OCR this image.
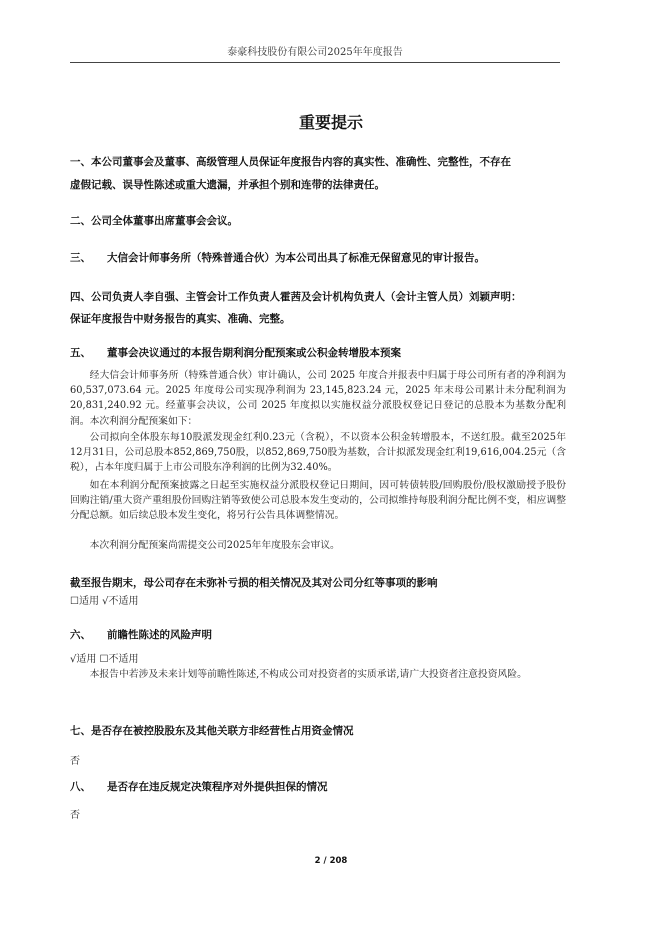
泰豪科技股份有限公司2025年年度报告
重要提示
一、本公司董事会及董事、高级管理人员保证年度报告内容的真实性、准确性、完整性，不存在
虚假记载、误导性陈述或重大遗漏，并承担个别和连带的法律责任。
二、公司全体董事出席董事会会议。
三、 大信会计师事务所（特殊普通合伙）为本公司出具了标准无保留意见的审计报告。
四、公司负责人李自强、主管会计工作负责人霍茜及会计机构负责人（会计主管人员）刘颖声明：
保证年度报告中财务报告的真实、准确、完整。
五、 董事会决议通过的本报告期利润分配预案或公积金转增股本预案
经大信会计师事务所（特殊普通合伙）审计确认，公司 2025 年度合并报表中归属于母公司所有者的净利润为 60,537,073.64 元。2025 年度母公司实现净利润为 23,145,823.24 元，2025 年末母公司累计未分配利润为 20,831,240.92 元。经董事会决议，公司 2025 年度拟以实施权益分派股权登记日登记的总股本为基数分配利润。本次利润分配预案如下：
公司拟向全体股东每10股派发现金红利0.23元（含税），不以资本公积金转增股本，不送红股。截至2025年12月31日，公司总股本852,869,750股，以852,869,750股为基数，合计拟派发现金红利19,616,004.25元（含税），占本年度归属于上市公司股东净利润的比例为32.40%。
如在本利润分配预案披露之日起至实施权益分派股权登记日期间，因可转债转股/回购股份/股权激励授予股份回购注销/重大资产重组股份回购注销等致使公司总股本发生变动的，公司拟维持每股利润分配比例不变，相应调整分配总额。如后续总股本发生变化，将另行公告具体调整情况。
本次利润分配预案尚需提交公司2025年年度股东会审议。
截至报告期末，母公司存在未弥补亏损的相关情况及其对公司分红等事项的影响
☐适用 √不适用
六、 前瞻性陈述的风险声明
√适用 ☐不适用
本报告中若涉及未来计划等前瞻性陈述,不构成公司对投资者的实质承诺,请广大投资者注意投资风险。
七、是否存在被控股股东及其他关联方非经营性占用资金情况
否
八、 是否存在违反规定决策程序对外提供担保的情况
否
2 / 208
